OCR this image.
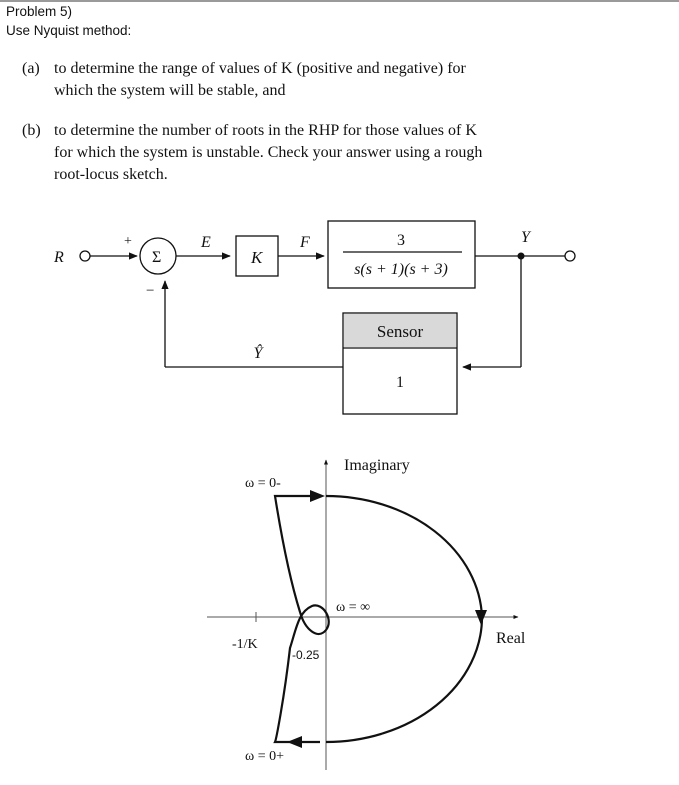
Problem 5)
Use Nyquist method:
(a) to determine the range of values of K (positive and negative) for
which the system will be stable, and
(b) to determine the number of roots in the RHP for those values of K
for which the system is unstable. Check your answer using a rough
root-locus sketch.
R
+
−
Σ
E
K
F	3
s(s + 1)(s + 3)
Y
Sensor
1
Ŷ
Imaginary
Real
ω = 0-
ω = 0+
ω = ∞
-1/K
-0.25
